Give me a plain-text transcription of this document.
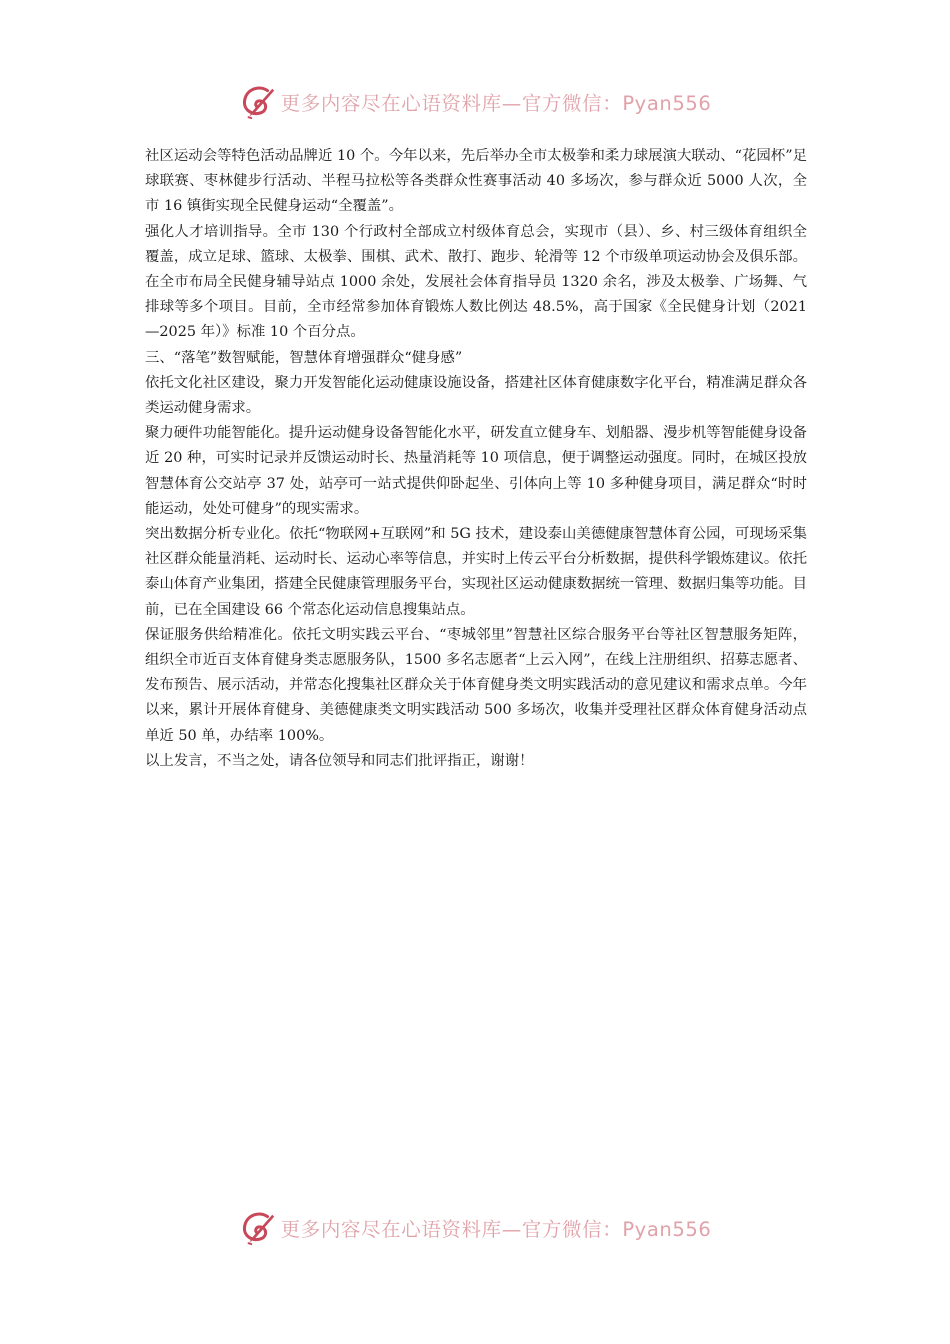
更多内容尽在心语资料库—官方微信：Pyan556

社区运动会等特色活动品牌近 10 个。今年以来，先后举办全市太极拳和柔力球展演大联动、“花园杯”足球联赛、枣林健步行活动、半程马拉松等各类群众性赛事活动 40 多场次，参与群众近 5000 人次，全市 16 镇街实现全民健身运动“全覆盖”。

强化人才培训指导。全市 130 个行政村全部成立村级体育总会，实现市（县）、乡、村三级体育组织全覆盖，成立足球、篮球、太极拳、围棋、武术、散打、跑步、轮滑等 12 个市级单项运动协会及俱乐部。在全市布局全民健身辅导站点 1000 余处，发展社会体育指导员 1320 余名，涉及太极拳、广场舞、气排球等多个项目。目前，全市经常参加体育锻炼人数比例达 48.5%，高于国家《全民健身计划（2021—2025 年）》标准 10 个百分点。

三、“落笔”数智赋能，智慧体育增强群众“健身感”

依托文化社区建设，聚力开发智能化运动健康设施设备，搭建社区体育健康数字化平台，精准满足群众各类运动健身需求。

聚力硬件功能智能化。提升运动健身设备智能化水平，研发直立健身车、划船器、漫步机等智能健身设备近 20 种，可实时记录并反馈运动时长、热量消耗等 10 项信息，便于调整运动强度。同时，在城区投放智慧体育公交站亭 37 处，站亭可一站式提供仰卧起坐、引体向上等 10 多种健身项目，满足群众“时时能运动，处处可健身”的现实需求。

突出数据分析专业化。依托“物联网+互联网”和 5G 技术，建设泰山美德健康智慧体育公园，可现场采集社区群众能量消耗、运动时长、运动心率等信息，并实时上传云平台分析数据，提供科学锻炼建议。依托泰山体育产业集团，搭建全民健康管理服务平台，实现社区运动健康数据统一管理、数据归集等功能。目前，已在全国建设 66 个常态化运动信息搜集站点。

保证服务供给精准化。依托文明实践云平台、“枣城邻里”智慧社区综合服务平台等社区智慧服务矩阵，组织全市近百支体育健身类志愿服务队，1500 多名志愿者“上云入网”，在线上注册组织、招募志愿者、发布预告、展示活动，并常态化搜集社区群众关于体育健身类文明实践活动的意见建议和需求点单。今年以来，累计开展体育健身、美德健康类文明实践活动 500 多场次，收集并受理社区群众体育健身活动点单近 50 单，办结率 100%。

以上发言，不当之处，请各位领导和同志们批评指正，谢谢！

更多内容尽在心语资料库—官方微信：Pyan556
